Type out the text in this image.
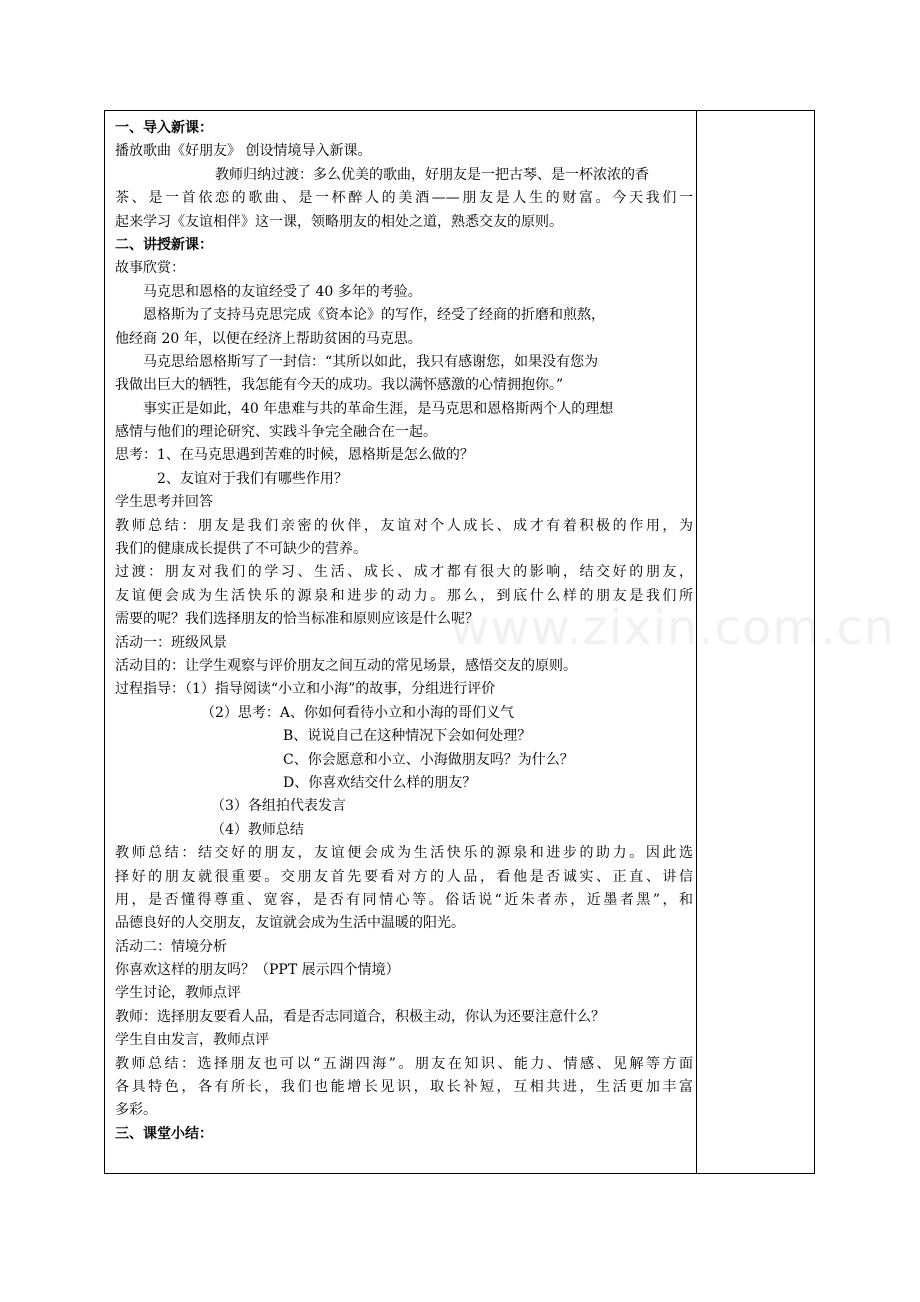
www.zixin.com.cn
一、导入新课：
播放歌曲《好朋友》 创设情境导入新课。
教师归纳过渡：多么优美的歌曲，好朋友是一把古琴、是一杯浓浓的香
茶、是一首依恋的歌曲、是一杯醉人的美酒——朋友是人生的财富。今天我们一
起来学习《友谊相伴》这一课，领略朋友的相处之道，熟悉交友的原则。
二、讲授新课：
故事欣赏：
马克思和恩格的友谊经受了 40 多年的考验。
恩格斯为了支持马克思完成《资本论》的写作，经受了经商的折磨和煎熬，
他经商 20 年，以便在经济上帮助贫困的马克思。
马克思给恩格斯写了一封信：“其所以如此，我只有感谢您，如果没有您为
我做出巨大的牺牲，我怎能有今天的成功。我以满怀感激的心情拥抱你。”
事实正是如此，40 年患难与共的革命生涯，是马克思和恩格斯两个人的理想
感情与他们的理论研究、实践斗争完全融合在一起。
思考：1、在马克思遇到苦难的时候，恩格斯是怎么做的？
2、友谊对于我们有哪些作用？
学生思考并回答
教师总结：朋友是我们亲密的伙伴，友谊对个人成长、成才有着积极的作用，为
我们的健康成长提供了不可缺少的营养。
过渡：朋友对我们的学习、生活、成长、成才都有很大的影响，结交好的朋友，
友谊便会成为生活快乐的源泉和进步的动力。那么，到底什么样的朋友是我们所
需要的呢？我们选择朋友的恰当标准和原则应该是什么呢？
活动一：班级风景
活动目的：让学生观察与评价朋友之间互动的常见场景，感悟交友的原则。
过程指导：（1）指导阅读“小立和小海”的故事，分组进行评价
（2）思考：A、你如何看待小立和小海的哥们义气
B、说说自己在这种情况下会如何处理？
C、你会愿意和小立、小海做朋友吗？为什么？
D、你喜欢结交什么样的朋友？
（3）各组拍代表发言
（4）教师总结
教师总结：结交好的朋友，友谊便会成为生活快乐的源泉和进步的助力。因此选
择好的朋友就很重要。交朋友首先要看对方的人品，看他是否诚实、正直、讲信
用，是否懂得尊重、宽容，是否有同情心等。俗话说“近朱者赤，近墨者黑”，和
品德良好的人交朋友，友谊就会成为生活中温暖的阳光。
活动二：情境分析
你喜欢这样的朋友吗？（PPT 展示四个情境）
学生讨论，教师点评
教师：选择朋友要看人品，看是否志同道合，积极主动，你认为还要注意什么？
学生自由发言，教师点评
教师总结：选择朋友也可以“五湖四海”。朋友在知识、能力、情感、见解等方面
各具特色，各有所长，我们也能增长见识，取长补短，互相共进，生活更加丰富
多彩。
三、课堂小结：
